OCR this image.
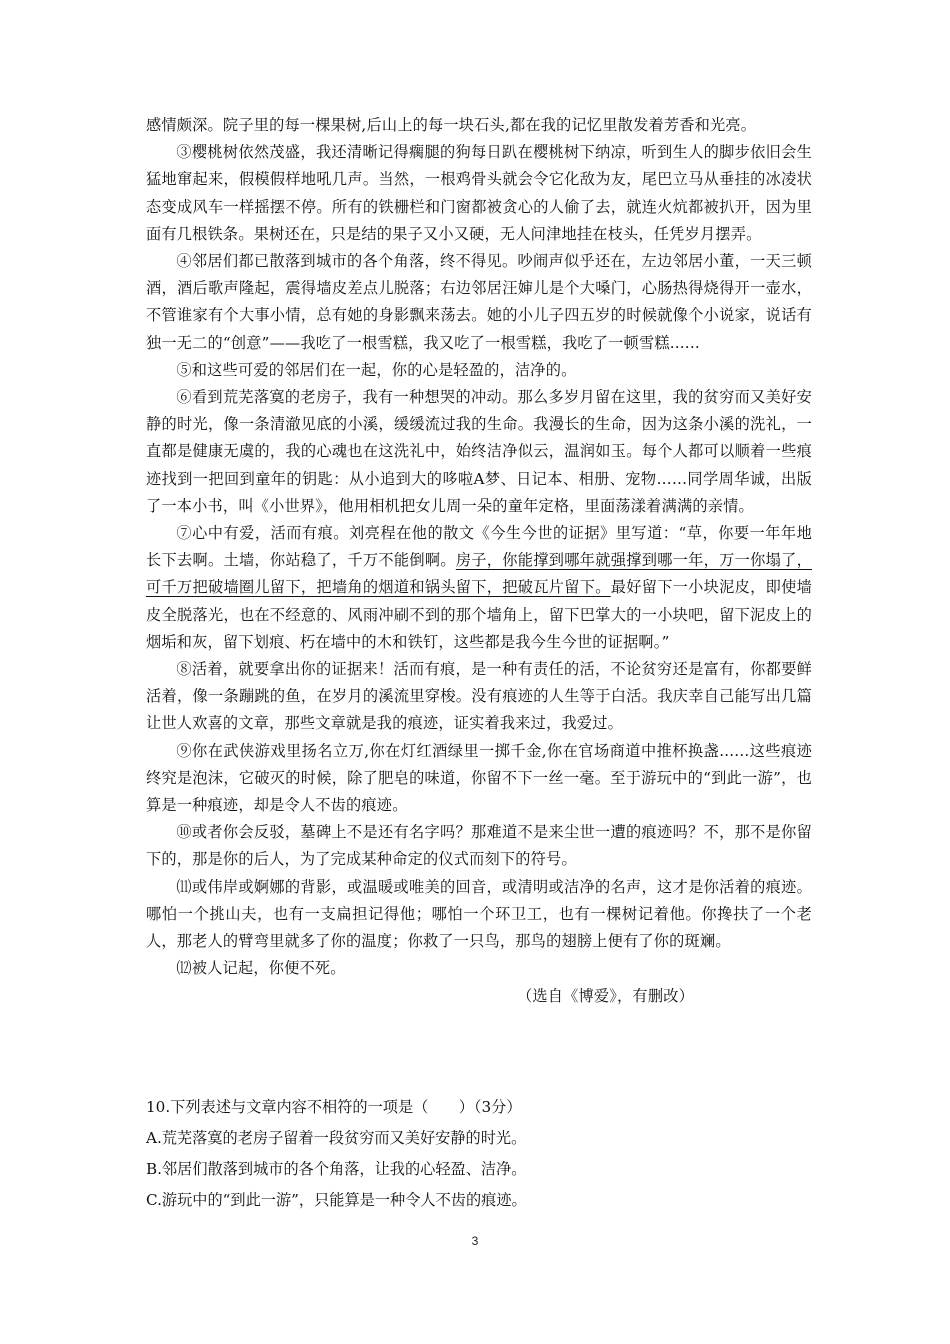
感情颇深。院子里的每一棵果树,后山上的每一块石头,都在我的记忆里散发着芳香和光亮。

③樱桃树依然茂盛，我还清晰记得瘸腿的狗每日趴在樱桃树下纳凉，听到生人的脚步依旧会生猛地窜起来，假模假样地吼几声。当然，一根鸡骨头就会令它化敌为友，尾巴立马从垂挂的冰凌状态变成风车一样摇摆不停。所有的铁栅栏和门窗都被贪心的人偷了去，就连火炕都被扒开，因为里面有几根铁条。果树还在，只是结的果子又小又硬，无人问津地挂在枝头，任凭岁月摆弄。

④邻居们都已散落到城市的各个角落，终不得见。吵闹声似乎还在，左边邻居小董，一天三顿酒，酒后歌声隆起，震得墙皮差点儿脱落；右边邻居汪婶儿是个大嗓门，心肠热得烧得开一壶水，不管谁家有个大事小情，总有她的身影飘来荡去。她的小儿子四五岁的时候就像个小说家，说话有独一无二的“创意”——我吃了一根雪糕，我又吃了一根雪糕，我吃了一顿雪糕......

⑤和这些可爱的邻居们在一起，你的心是轻盈的，洁净的。

⑥看到荒芜落寞的老房子，我有一种想哭的冲动。那么多岁月留在这里，我的贫穷而又美好安静的时光，像一条清澈见底的小溪，缓缓流过我的生命。我漫长的生命，因为这条小溪的洗礼，一直都是健康无虞的，我的心魂也在这洗礼中，始终洁净似云，温润如玉。每个人都可以顺着一些痕迹找到一把回到童年的钥匙：从小追到大的哆啦A梦、日记本、相册、宠物……同学周华诚，出版了一本小书，叫《小世界》，他用相机把女儿周一朵的童年定格，里面荡漾着满满的亲情。

⑦心中有爱，活而有痕。刘亮程在他的散文《今生今世的证据》里写道：“草，你要一年年地长下去啊。土墙，你站稳了，千万不能倒啊。房子，你能撑到哪年就强撑到哪一年，万一你塌了，可千万把破墙圈儿留下，把墙角的烟道和锅头留下，把破瓦片留下。最好留下一小块泥皮，即使墙皮全脱落光，也在不经意的、风雨冲刷不到的那个墙角上，留下巴掌大的一小块吧，留下泥皮上的烟垢和灰，留下划痕、朽在墙中的木和铁钉，这些都是我今生今世的证据啊。”

⑧活着，就要拿出你的证据来！活而有痕，是一种有责任的活，不论贫穷还是富有，你都要鲜活着，像一条蹦跳的鱼，在岁月的溪流里穿梭。没有痕迹的人生等于白活。我庆幸自己能写出几篇让世人欢喜的文章，那些文章就是我的痕迹，证实着我来过，我爱过。

⑨你在武侠游戏里扬名立万,你在灯红酒绿里一掷千金,你在官场商道中推杯换盏......这些痕迹终究是泡沫，它破灭的时候，除了肥皂的味道，你留不下一丝一毫。至于游玩中的“到此一游”，也算是一种痕迹，却是令人不齿的痕迹。

⑩或者你会反驳，墓碑上不是还有名字吗？那难道不是来尘世一遭的痕迹吗？不，那不是你留下的，那是你的后人，为了完成某种命定的仪式而刻下的符号。

⑾或伟岸或婀娜的背影，或温暖或唯美的回音，或清明或洁净的名声，这才是你活着的痕迹。哪怕一个挑山夫，也有一支扁担记得他；哪怕一个环卫工，也有一棵树记着他。你搀扶了一个老人，那老人的臂弯里就多了你的温度；你救了一只鸟，那鸟的翅膀上便有了你的斑斓。

⑿被人记起，你便不死。

（选自《博爱》，有删改）

10.下列表述与文章内容不相符的一项是（　　）（3分）

A.荒芜落寞的老房子留着一段贫穷而又美好安静的时光。

B.邻居们散落到城市的各个角落，让我的心轻盈、洁净。

C.游玩中的“到此一游”，只能算是一种令人不齿的痕迹。

3
